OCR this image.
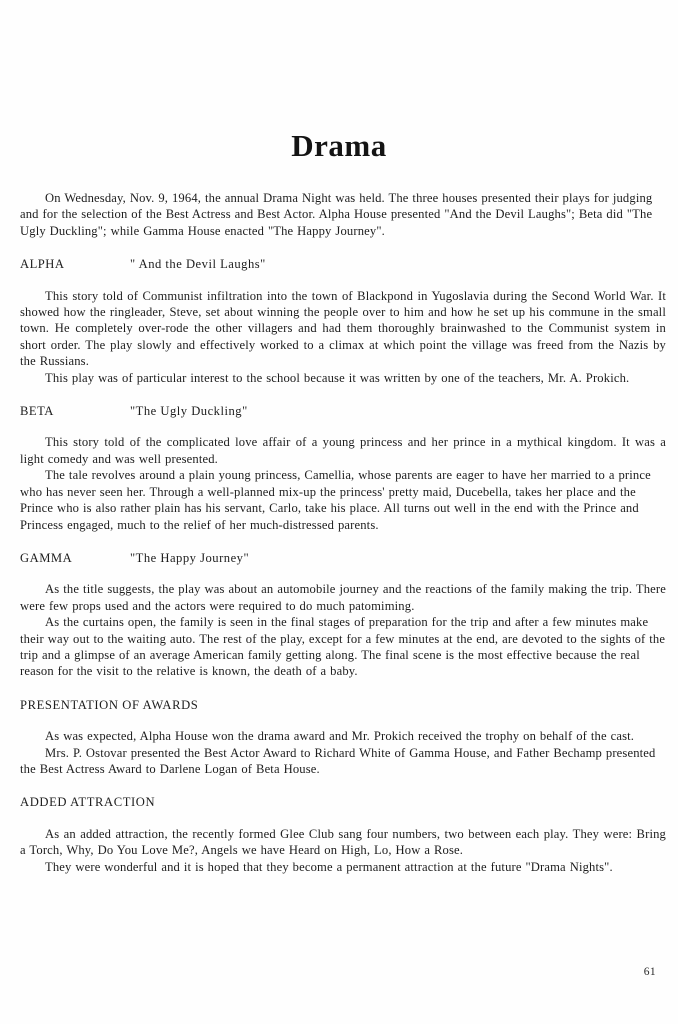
Drama

On Wednesday, Nov. 9, 1964, the annual Drama Night was held. The three houses presented their plays for judging and for the selection of the Best Actress and Best Actor. Alpha House presented "And the Devil Laughs"; Beta did "The Ugly Duckling"; while Gamma House enacted "The Happy Journey".

ALPHA	" And the Devil Laughs"

This story told of Communist infiltration into the town of Blackpond in Yugoslavia during the Second World War. It showed how the ringleader, Steve, set about winning the people over to him and how he set up his commune in the small town. He completely over-rode the other villagers and had them thoroughly brainwashed to the Communist system in short order. The play slowly and effectively worked to a climax at which point the village was freed from the Nazis by the Russians.

This play was of particular interest to the school because it was written by one of the teachers, Mr. A. Prokich.

BETA	"The Ugly Duckling"

This story told of the complicated love affair of a young princess and her prince in a mythical kingdom. It was a light comedy and was well presented.

The tale revolves around a plain young princess, Camellia, whose parents are eager to have her married to a prince who has never seen her. Through a well-planned mix-up the princess' pretty maid, Ducebella, takes her place and the Prince who is also rather plain has his servant, Carlo, take his place. All turns out well in the end with the Prince and Princess engaged, much to the relief of her much-distressed parents.

GAMMA	"The Happy Journey"

As the title suggests, the play was about an automobile journey and the reactions of the family making the trip. There were few props used and the actors were required to do much patomiming.

As the curtains open, the family is seen in the final stages of preparation for the trip and after a few minutes make their way out to the waiting auto. The rest of the play, except for a few minutes at the end, are devoted to the sights of the trip and a glimpse of an average American family getting along. The final scene is the most effective because the real reason for the visit to the relative is known, the death of a baby.

PRESENTATION OF AWARDS

As was expected, Alpha House won the drama award and Mr. Prokich received the trophy on behalf of the cast.

Mrs. P. Ostovar presented the Best Actor Award to Richard White of Gamma House, and Father Bechamp presented the Best Actress Award to Darlene Logan of Beta House.

ADDED ATTRACTION

As an added attraction, the recently formed Glee Club sang four numbers, two between each play. They were: Bring a Torch, Why, Do You Love Me?, Angels we have Heard on High, Lo, How a Rose.

They were wonderful and it is hoped that they become a permanent attraction at the future "Drama Nights".

61
